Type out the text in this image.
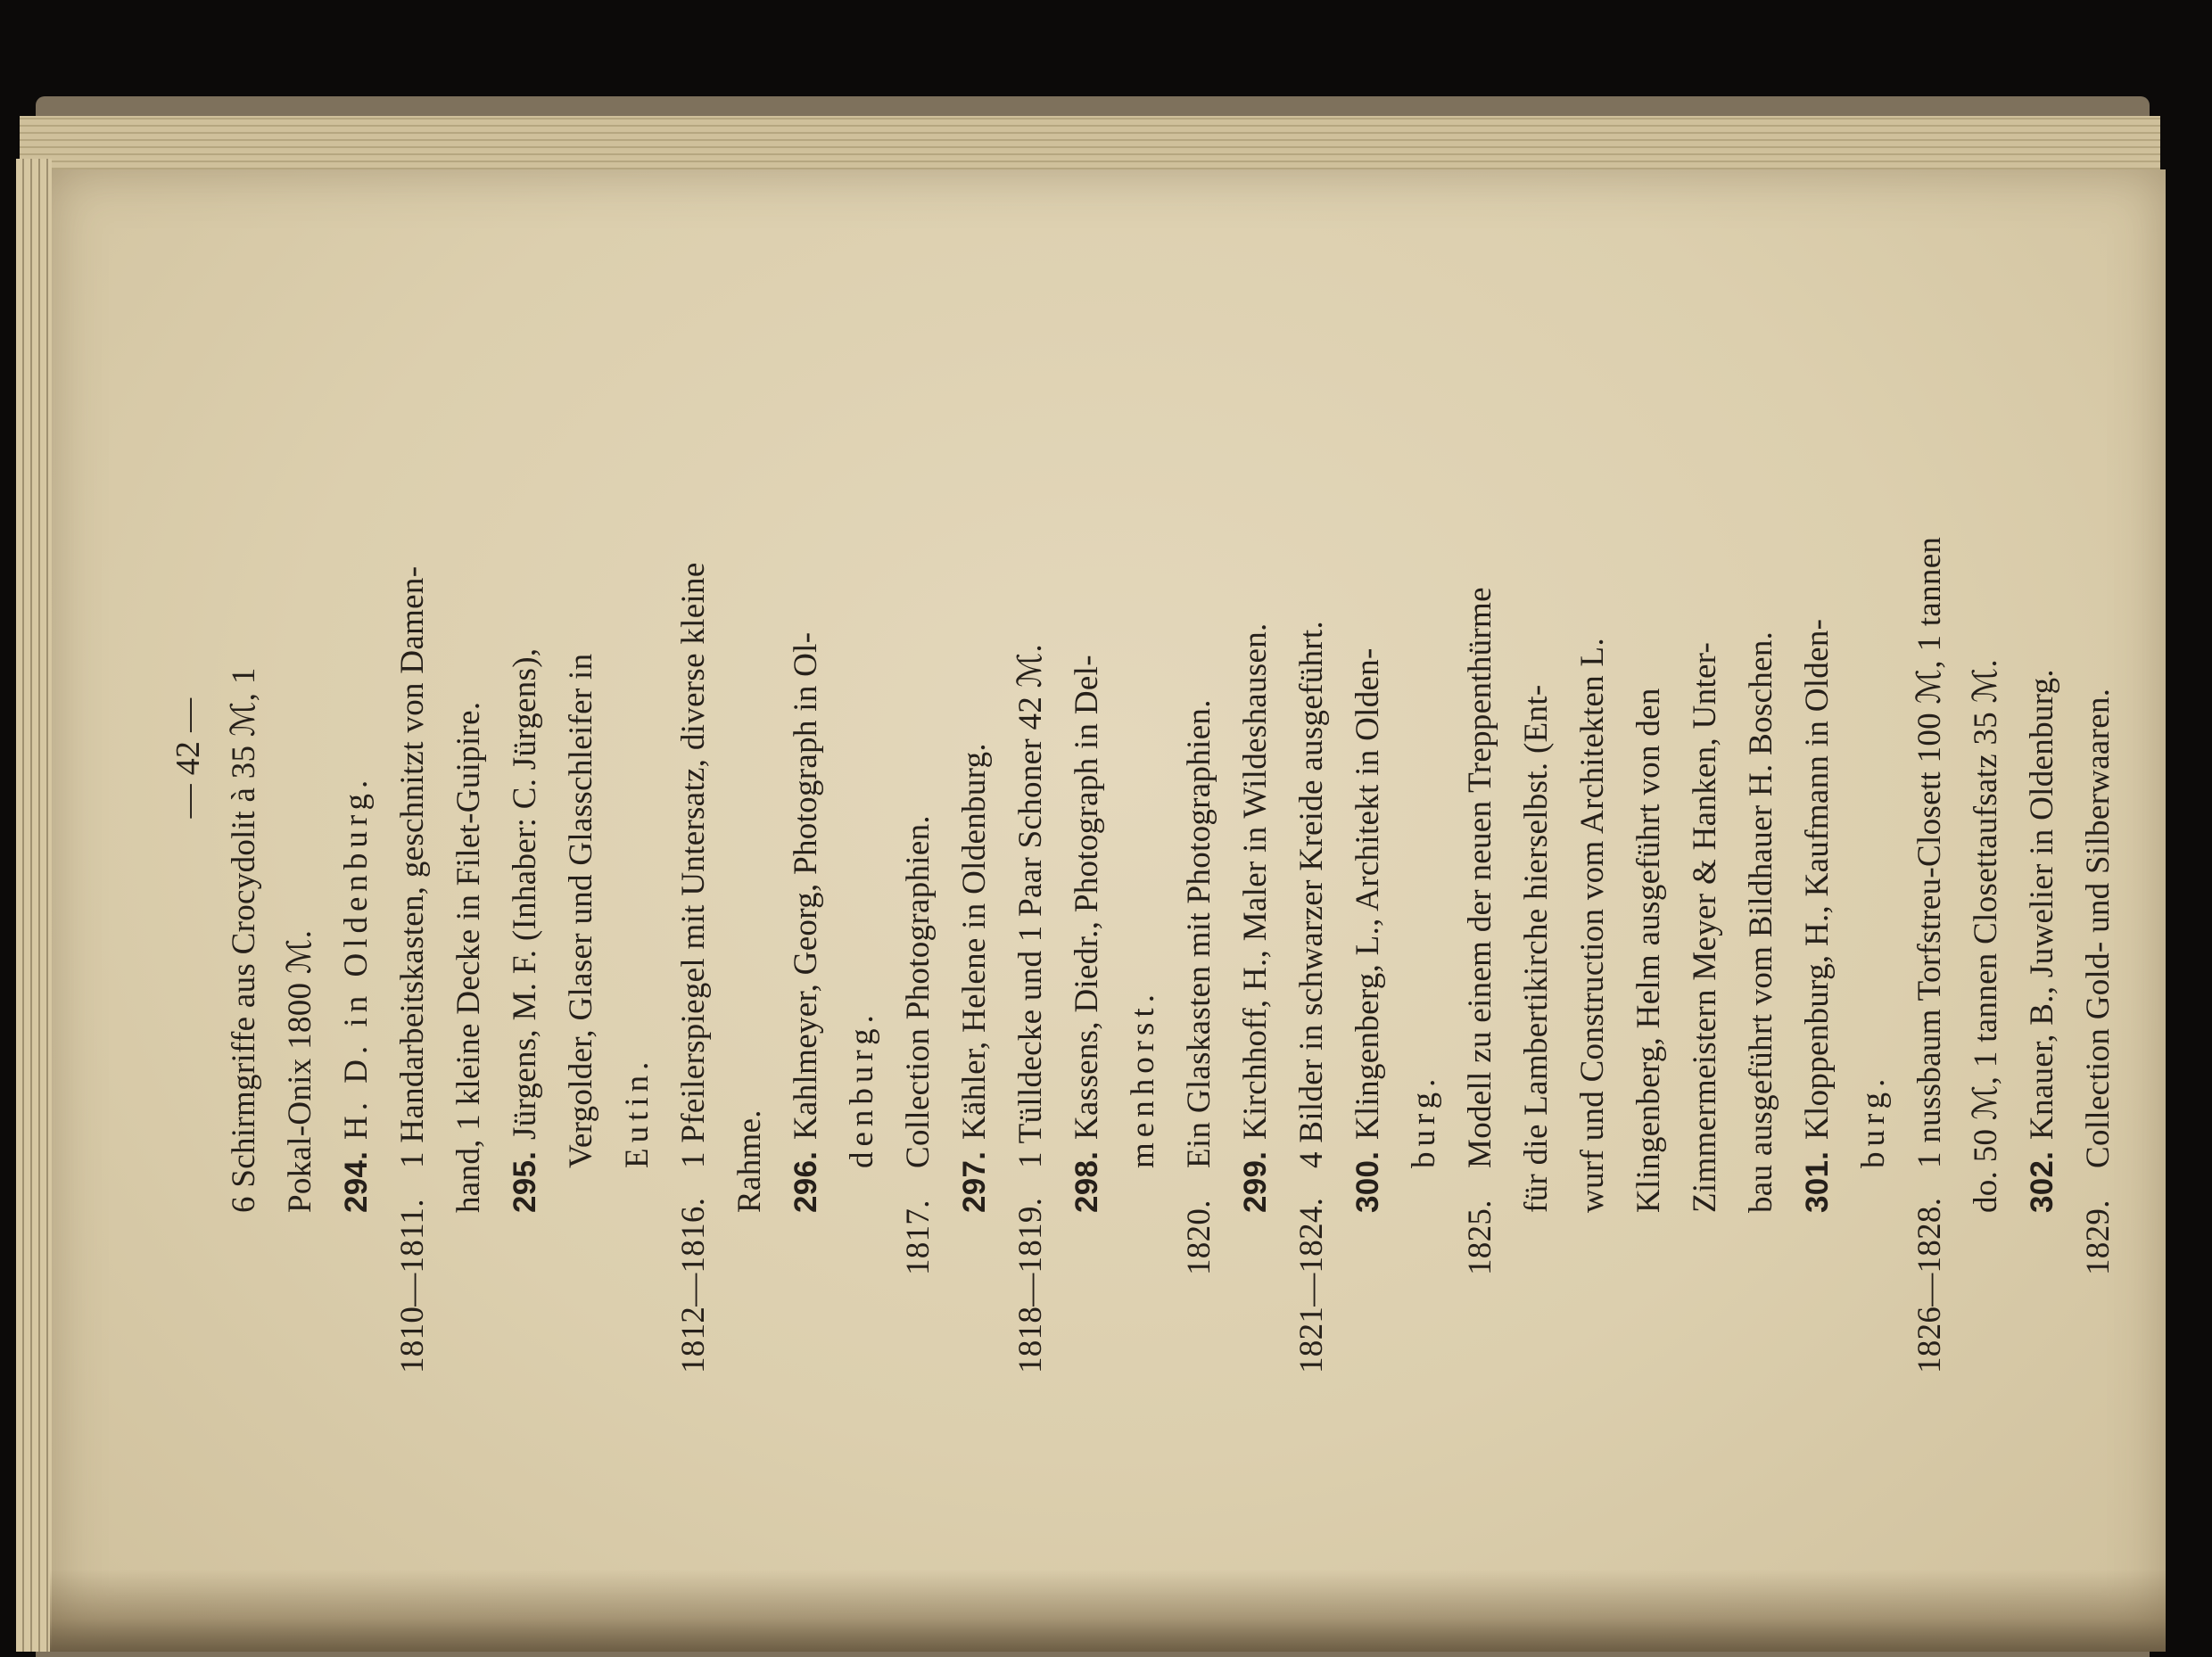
— 42 — 6 Schirmgriffe aus Crocydolit à 35 ℳ, 1 Pokal-Onix 1800 ℳ. 294.
H. D. in Oldenburg.
1810—1811.
1 Handarbeitskasten, geschnitzt von Damen- hand, 1 kleine Decke in Filet-Guipire. 295.
Jürgens, M. F. (Inhaber: C. Jürgens), Vergolder, Glaser und Glasschleifer in Eutin.
1812—1816.
1 Pfeilerspiegel mit Untersatz, diverse kleine Rahme. 296.
Kahlmeyer, Georg, Photograph in Ol- denburg.
1817.
Collection Photographien.
297.
Kähler, Helene in Oldenburg.
1818—1819.
1 Tülldecke und 1 Paar Schoner 42 ℳ.
298.
Kassens, Diedr., Photograph in Del- menhorst.
1820.
Ein Glaskasten mit Photographien.
299.
Kirchhoff, H., Maler in Wildeshausen.
1821—1824.
4 Bilder in schwarzer Kreide ausgeführt.
300.
Klingenberg, L., Architekt in Olden- burg.
1825.
Modell zu einem der neuen Treppenthürme für die Lambertikirche hierselbst. (Ent- wurf und Construction vom Architekten L. Klingenberg, Helm ausgeführt von den Zimmermeistern Meyer & Hanken, Unter- bau ausgeführt vom Bildhauer H. Boschen. 301.
Kloppenburg, H., Kaufmann in Olden- burg.
1826—1828.
1 nussbaum Torfstreu-Closett 100 ℳ, 1 tannen do. 50 ℳ, 1 tannen Closettaufsatz 35 ℳ. 302.
Knauer, B., Juwelier in Oldenburg.
1829.
Collection Gold- und Silberwaaren.
